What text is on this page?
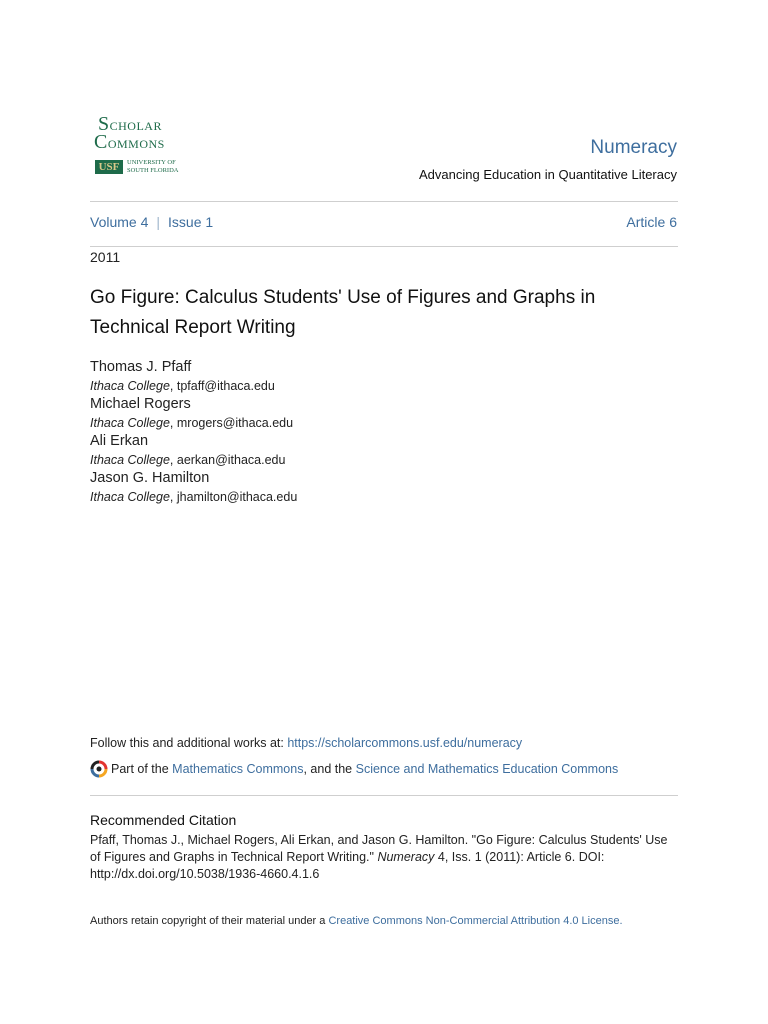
SCHOLAR
COMMONS
USF	UNIVERSITY OF
SOUTH FLORIDA
Numeracy
Advancing Education in Quantitative Literacy
Volume 4 | Issue 1	Article 6
2011
Go Figure: Calculus Students' Use of Figures and Graphs in Technical Report Writing
Thomas J. Pfaff
Ithaca College, tpfaff@ithaca.edu
Michael Rogers
Ithaca College, mrogers@ithaca.edu
Ali Erkan
Ithaca College, aerkan@ithaca.edu
Jason G. Hamilton
Ithaca College, jhamilton@ithaca.edu
Follow this and additional works at: https://scholarcommons.usf.edu/numeracy
Part of the
Mathematics Commons , and the
Science and Mathematics Education Commons
Recommended Citation
Pfaff, Thomas J., Michael Rogers, Ali Erkan, and Jason G. Hamilton. "Go Figure: Calculus Students' Use of Figures and Graphs in Technical Report Writing." Numeracy 4, Iss. 1 (2011): Article 6. DOI: http://dx.doi.org/10.5038/1936-4660.4.1.6
Authors retain copyright of their material under a Creative Commons Non-Commercial Attribution 4.0 License.
